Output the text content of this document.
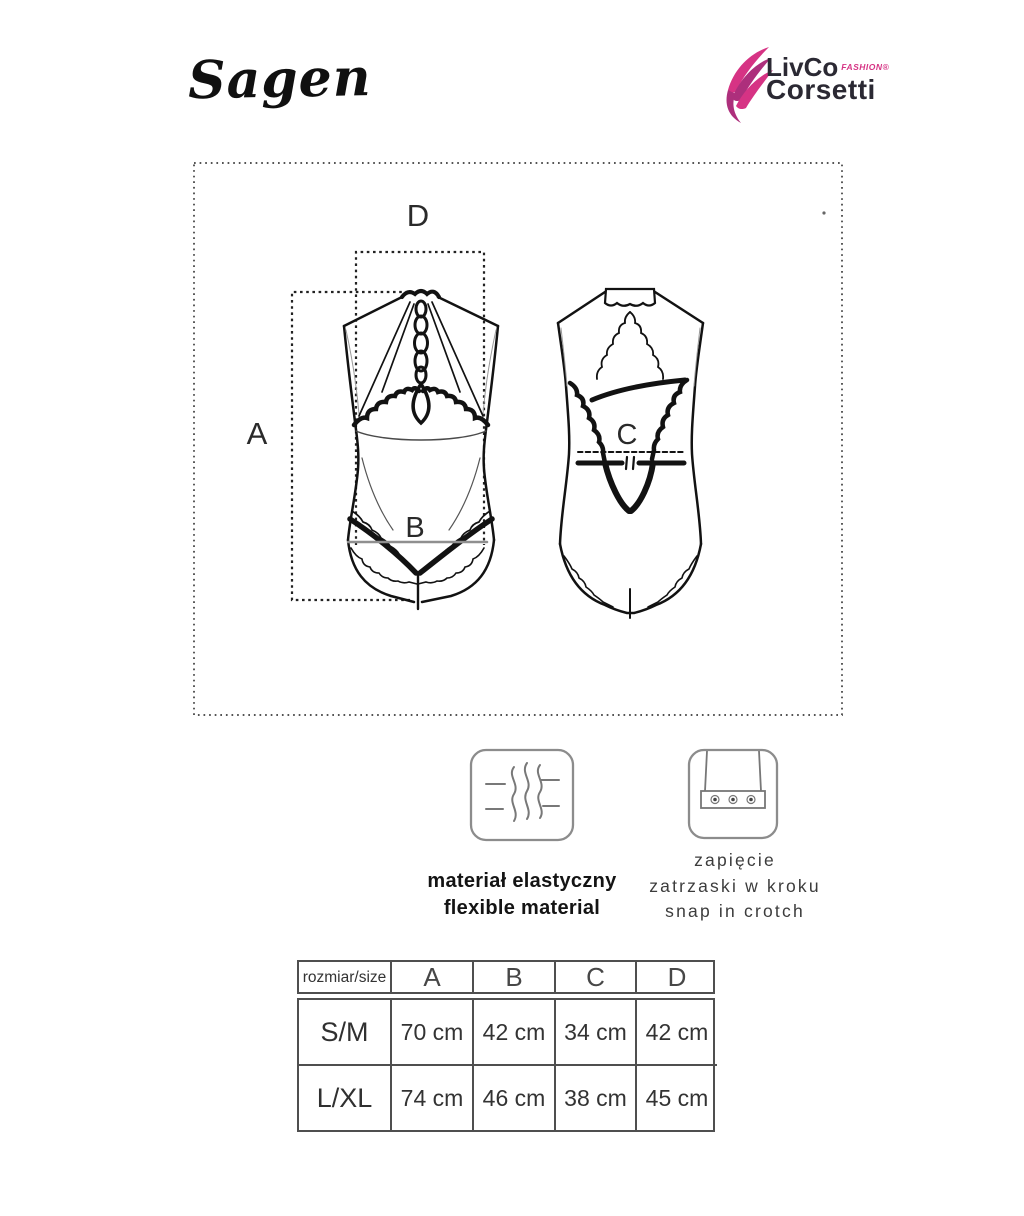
Sagen	LivCo FASHION®
Corsetti
A
B
C
D
materiał elastyczny
flexible material
zapięcie
zatrzaski w kroku
snap in crotch
rozmiar/size	A	B	C	D
S/M	70 cm 42 cm 34 cm 42 cm
L/XL	74 cm 46 cm 38 cm 45 cm
